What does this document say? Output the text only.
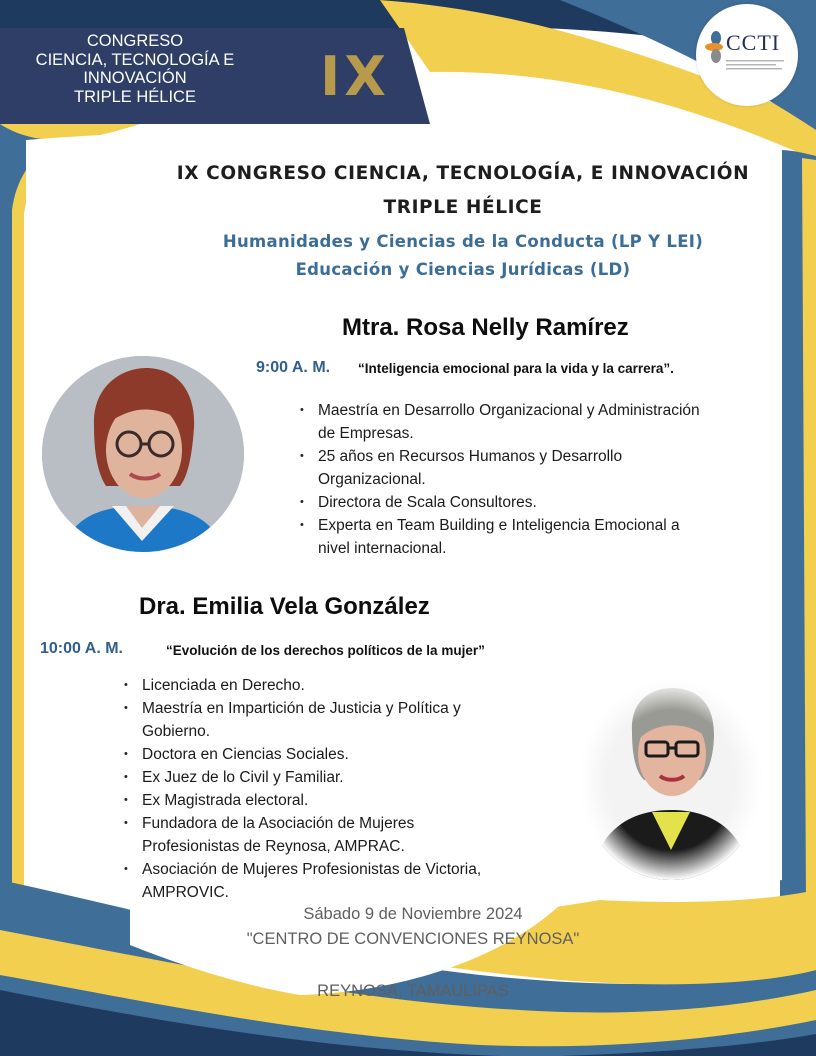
CONGRESO
CIENCIA, TECNOLOGÍA E
INNOVACIÓN
TRIPLE HÉLICE	IX
CCTI
IX CONGRESO CIENCIA, TECNOLOGÍA, E INNOVACIÓN
TRIPLE HÉLICE
Humanidades y Ciencias de la Conducta (LP Y LEI)
Educación y Ciencias Jurídicas (LD)
Mtra. Rosa Nelly Ramírez
9:00 A. M. “Inteligencia emocional para la vida y la carrera”.
• Maestría en Desarrollo Organizacional y Administración
de Empresas.
• 25 años en Recursos Humanos y Desarrollo
Organizacional.
• Directora de Scala Consultores.
• Experta en Team Building e Inteligencia Emocional a
nivel internacional.
Dra. Emilia Vela González
10:00 A. M.	“Evolución de los derechos políticos de la mujer”
• Licenciada en Derecho.
• Maestría en Impartición de Justicia y Política y
Gobierno.
• Doctora en Ciencias Sociales.
• Ex Juez de lo Civil y Familiar.
• Ex Magistrada electoral.
• Fundadora de la Asociación de Mujeres
Profesionistas de Reynosa, AMPRAC.
• Asociación de Mujeres Profesionistas de Victoria,
AMPROVIC.
Sábado 9 de Noviembre 2024
"CENTRO DE CONVENCIONES REYNOSA"
REYNOSA, TAMAULIPAS
